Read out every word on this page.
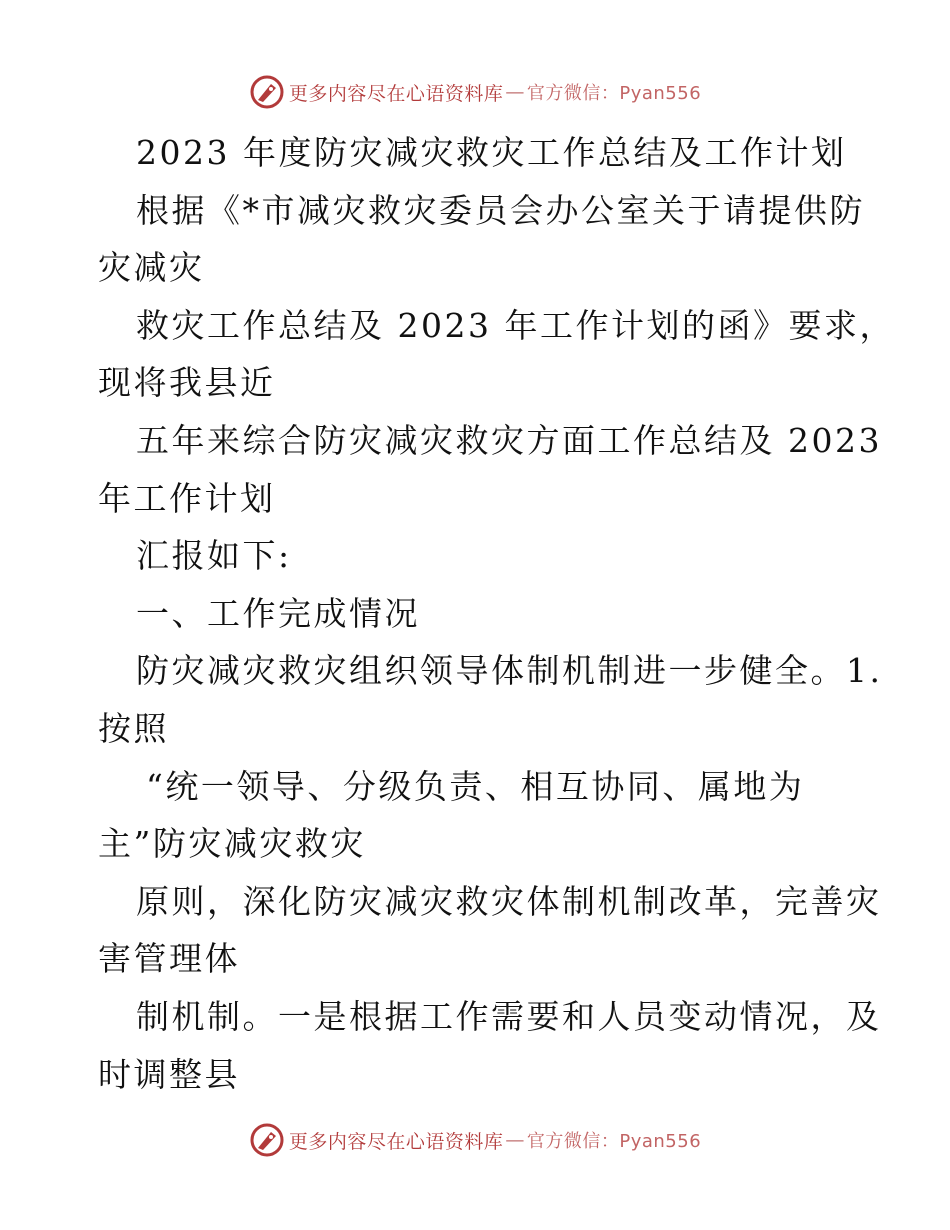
更多内容尽在心语资料库 — 官方微信：Pyan556
2023 年度防灾减灾救灾工作总结及工作计划
根据《*市减灾救灾委员会办公室关于请提供防
灾减灾
救灾工作总结及 2023 年工作计划的函》要求，
现将我县近
五年来综合防灾减灾救灾方面工作总结及 2023
年工作计划
汇报如下:
一、工作完成情况
防灾减灾救灾组织领导体制机制进一步健全。1.
按照
“统一领导、分级负责、相互协同、属地为
主”防灾减灾救灾
原则，深化防灾减灾救灾体制机制改革，完善灾
害管理体
制机制。一是根据工作需要和人员变动情况，及
时调整县
更多内容尽在心语资料库 — 官方微信：Pyan556
